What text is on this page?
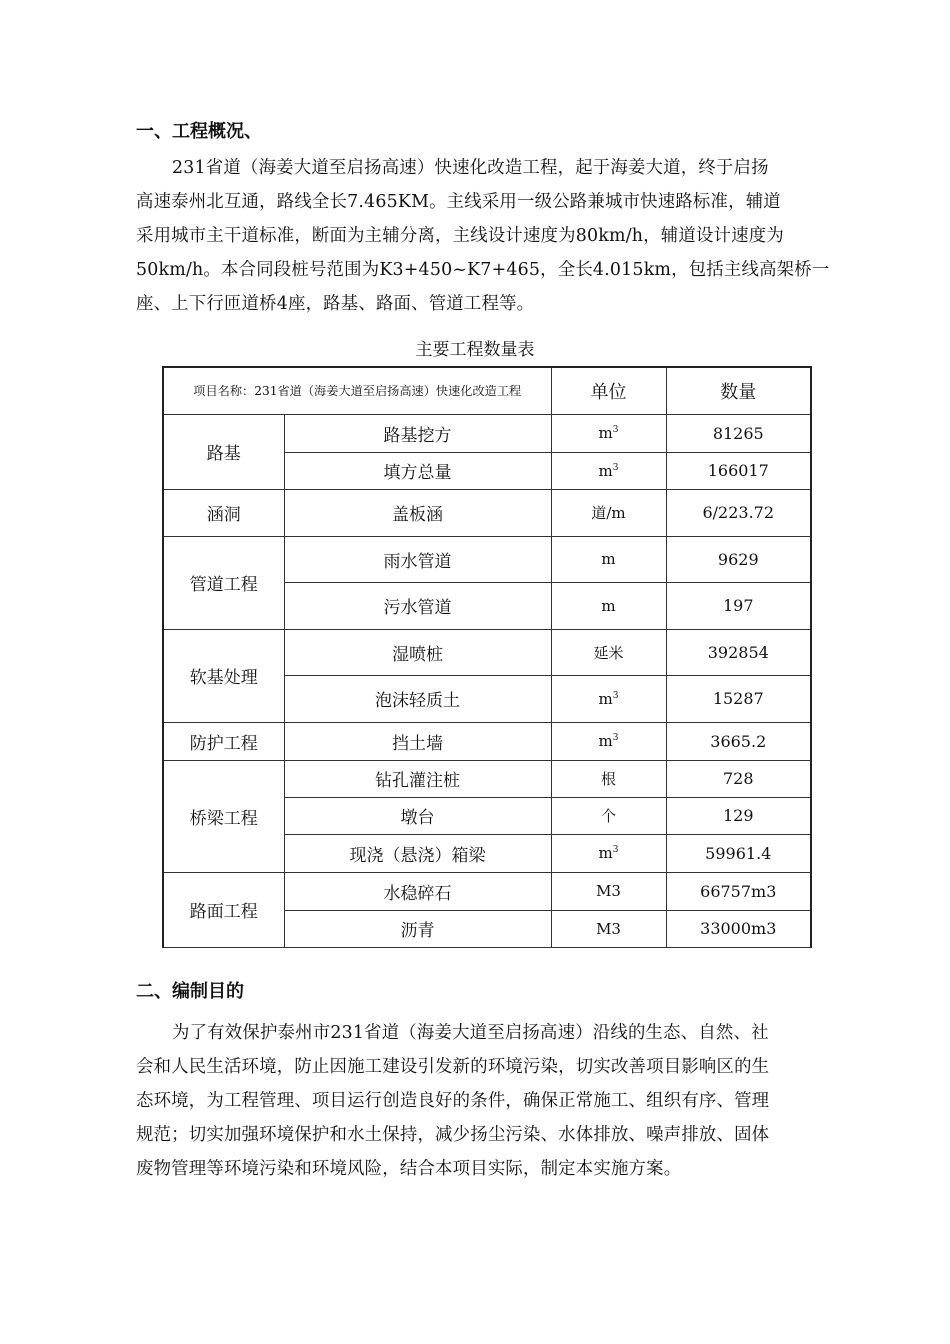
一、工程概况、
231省道（海姜大道至启扬高速）快速化改造工程，起于海姜大道，终于启扬
高速泰州北互通，路线全长7.465KM。主线采用一级公路兼城市快速路标准，辅道
采用城市主干道标准，断面为主辅分离，主线设计速度为80km/h，辅道设计速度为
50km/h。本合同段桩号范围为K3+450~K7+465，全长4.015km，包括主线高架桥一
座、上下行匝道桥4座，路基、路面、管道工程等。
主要工程数量表
项目名称：231省道（海姜大道至启扬高速）快速化改造工程		单位	数量
路基	路基挖方	$m^3$	81265
	填方总量	$m^3$	166017
涵洞	盖板涵	道/m	6/223.72
管道工程	雨水管道	m	9629
	污水管道	m	197
软基处理	湿喷桩	延米	392854
	泡沫轻质土	$m^3$	15287
防护工程	挡土墙	$m^3$	3665.2
桥梁工程	钻孔灌注桩	根	728
	墩台	个	129
	现浇（悬浇）箱梁	$m^3$	59961.4
路面工程	水稳碎石	M3	66757m3
	沥青	M3	33000m3
二、编制目的
为了有效保护泰州市231省道（海姜大道至启扬高速）沿线的生态、自然、社
会和人民生活环境，防止因施工建设引发新的环境污染，切实改善项目影响区的生
态环境，为工程管理、项目运行创造良好的条件，确保正常施工、组织有序、管理
规范；切实加强环境保护和水土保持，减少扬尘污染、水体排放、噪声排放、固体
废物管理等环境污染和环境风险，结合本项目实际，制定本实施方案。
